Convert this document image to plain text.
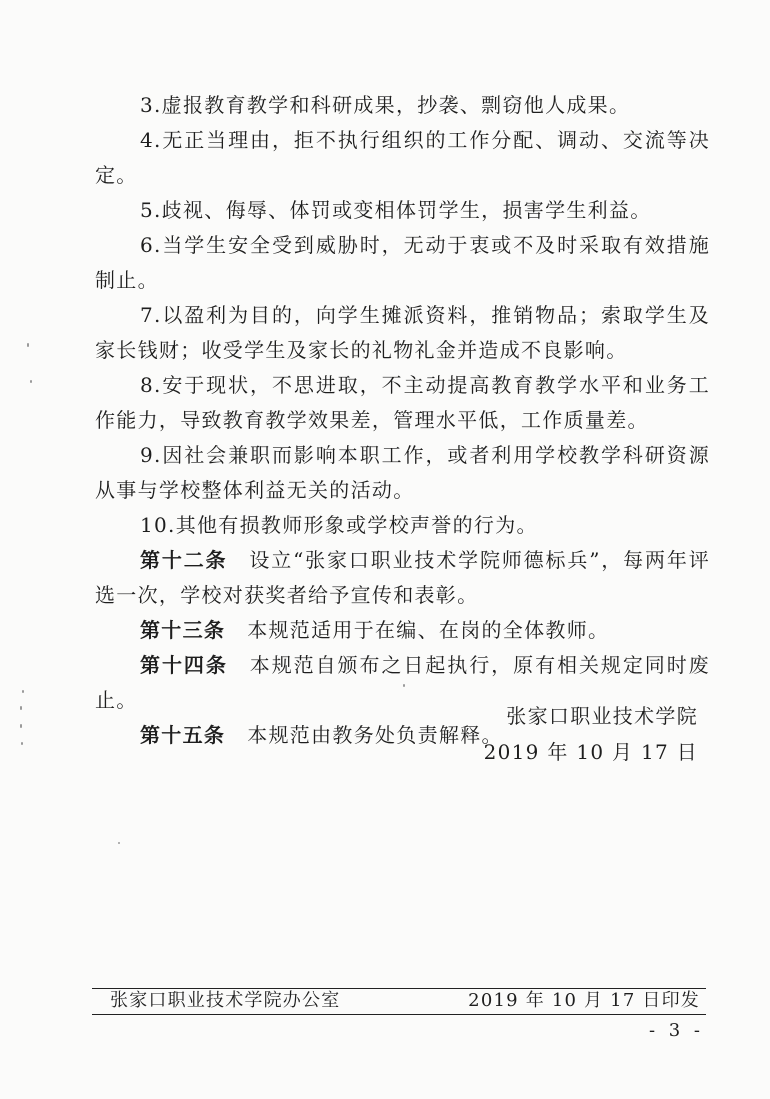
3.虚报教育教学和科研成果，抄袭、剽窃他人成果。

4.无正当理由，拒不执行组织的工作分配、调动、交流等决定。

5.歧视、侮辱、体罚或变相体罚学生，损害学生利益。

6.当学生安全受到威胁时，无动于衷或不及时采取有效措施制止。

7.以盈利为目的，向学生摊派资料，推销物品；索取学生及家长钱财；收受学生及家长的礼物礼金并造成不良影响。

8.安于现状，不思进取，不主动提高教育教学水平和业务工作能力，导致教育教学效果差，管理水平低，工作质量差。

9.因社会兼职而影响本职工作，或者利用学校教学科研资源从事与学校整体利益无关的活动。

10.其他有损教师形象或学校声誉的行为。

第十二条 设立“张家口职业技术学院师德标兵”，每两年评选一次，学校对获奖者给予宣传和表彰。

第十三条 本规范适用于在编、在岗的全体教师。

第十四条 本规范自颁布之日起执行，原有相关规定同时废止。

第十五条 本规范由教务处负责解释。

张家口职业技术学院
2019 年 10 月 17 日
张家口职业技术学院办公室	2019 年 10 月 17 日印发
- 3 -
